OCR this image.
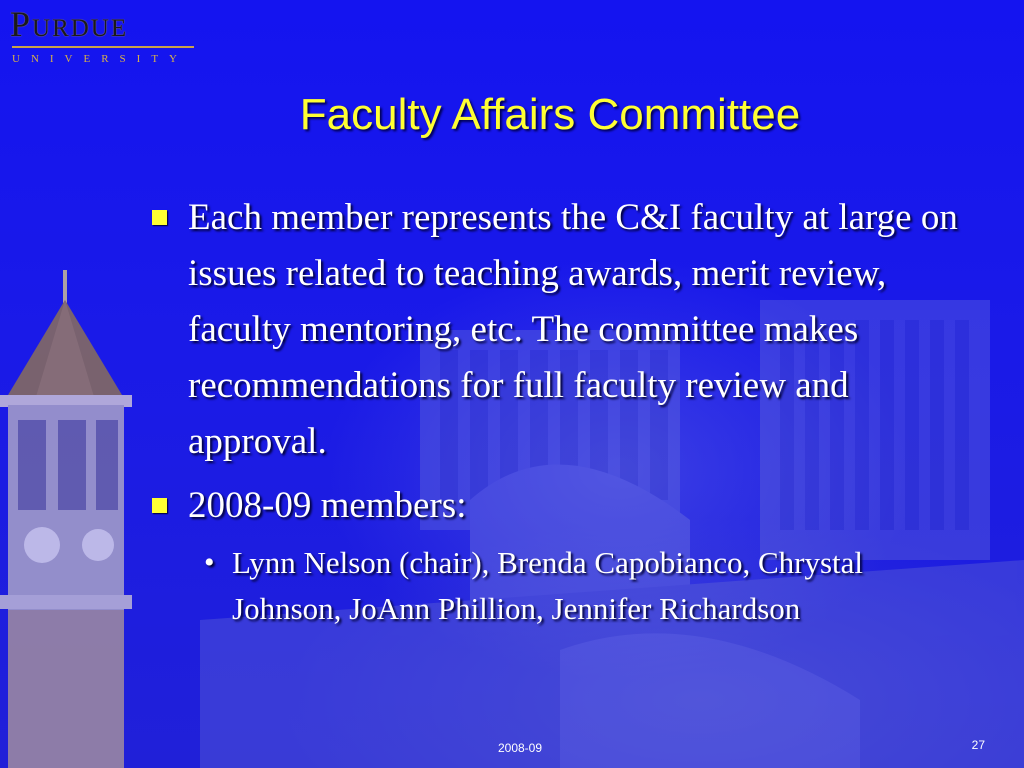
Purdue
UNIVERSITY
Faculty Affairs Committee
Each member represents the C&I faculty at large on issues related to teaching awards, merit review, faculty mentoring, etc. The committee makes recommendations for full faculty review and approval.
2008-09 members:
• Lynn Nelson (chair), Brenda Capobianco, Chrystal Johnson, JoAnn Phillion, Jennifer Richardson
2008-09	27
